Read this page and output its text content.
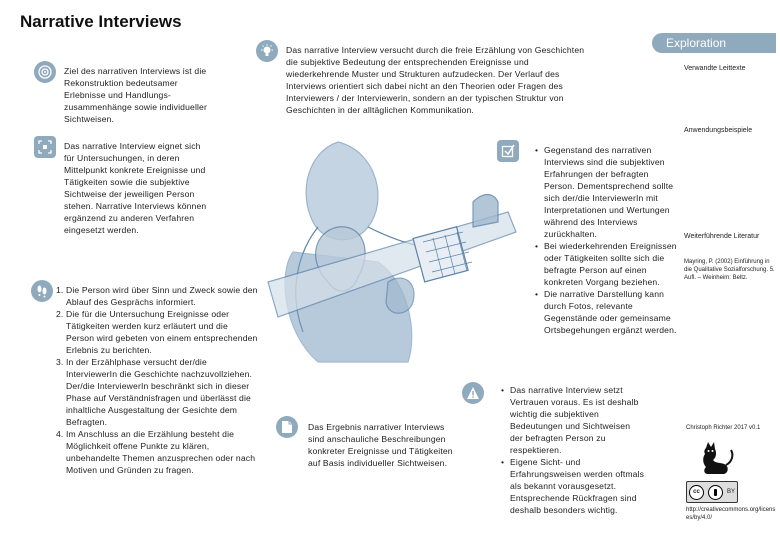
Narrative Interviews
Ziel des narrativen Interviews ist die Rekonstruktion bedeutsamer Erlebnisse und Handlungs-zusammenhänge sowie individueller Sichtweisen.
Das narrative Interview eignet sich für Untersuchungen, in deren Mittelpunkt konkrete Ereignisse und Tätigkeiten sowie die subjektive Sichtweise der jeweiligen Person stehen. Narrative Interviews können ergänzend zu anderen Verfahren eingesetzt werden.
1. Die Person wird über Sinn und Zweck sowie den Ablauf des Gesprächs informiert.
2. Die für die Untersuchung Ereignisse oder Tätigkeiten werden kurz erläutert und die Person wird gebeten von einem entsprechenden Erlebnis zu berichten.
3. In der Erzählphase versucht der/die InterviewerIn die Geschichte nachzuvollziehen. Der/die InterviewerIn beschränkt sich in dieser Phase auf Verständnisfragen und überlässt die inhaltliche Ausgestaltung der Gesichte dem Befragten.
4. Im Anschluss an die Erzählung besteht die Möglichkeit offene Punkte zu klären, unbehandelte Themen anzusprechen oder nach Motiven und Gründen zu fragen.
Das narrative Interview versucht durch die freie Erzählung von Geschichten die subjektive Bedeutung der entsprechenden Ereignisse und wiederkehrende Muster und Strukturen aufzudecken. Der Verlauf des Interviews orientiert sich dabei nicht an den Theorien oder Fragen des Interviewers / der Interviewerin, sondern an der typischen Struktur von Geschichten in der alltäglichen Kommunikation.
Das Ergebnis narrativer Interviews sind anschauliche Beschreibungen konkreter Ereignisse und Tätigkeiten auf Basis individueller Sichtweisen.
• Gegenstand des narrativen Interviews sind die subjektiven Erfahrungen der befragten Person. Dementsprechend sollte sich der/die InterviewerIn mit Interpretationen und Wertungen während des Interviews zurückhalten.
• Bei wiederkehrenden Ereignissen oder Tätigkeiten sollte sich die befragte Person auf einen konkreten Vorgang beziehen.
• Die narrative Darstellung kann durch Fotos, relevante Gegenstände oder gemeinsame Ortsbegehungen ergänzt werden.
• Das narrative Interview setzt Vertrauen voraus. Es ist deshalb wichtig die subjektiven Bedeutungen und Sichtweisen der befragten Person zu respektieren.
• Eigene Sicht- und Erfahrungsweisen werden oftmals als bekannt vorausgesetzt. Entsprechende Rückfragen sind deshalb besonders wichtig.
Exploration
Verwandte Leittexte
Anwendungsbeispiele
Weiterführende Literatur
Mayring, P. (2002) Einführung in die Qualitative Sozialforschung. 5. Aufl. – Weinheim: Beltz.
Christoph Richter 2017 v0.1
cc	BY
http://creativecommons.org/licenses/by/4.0/
